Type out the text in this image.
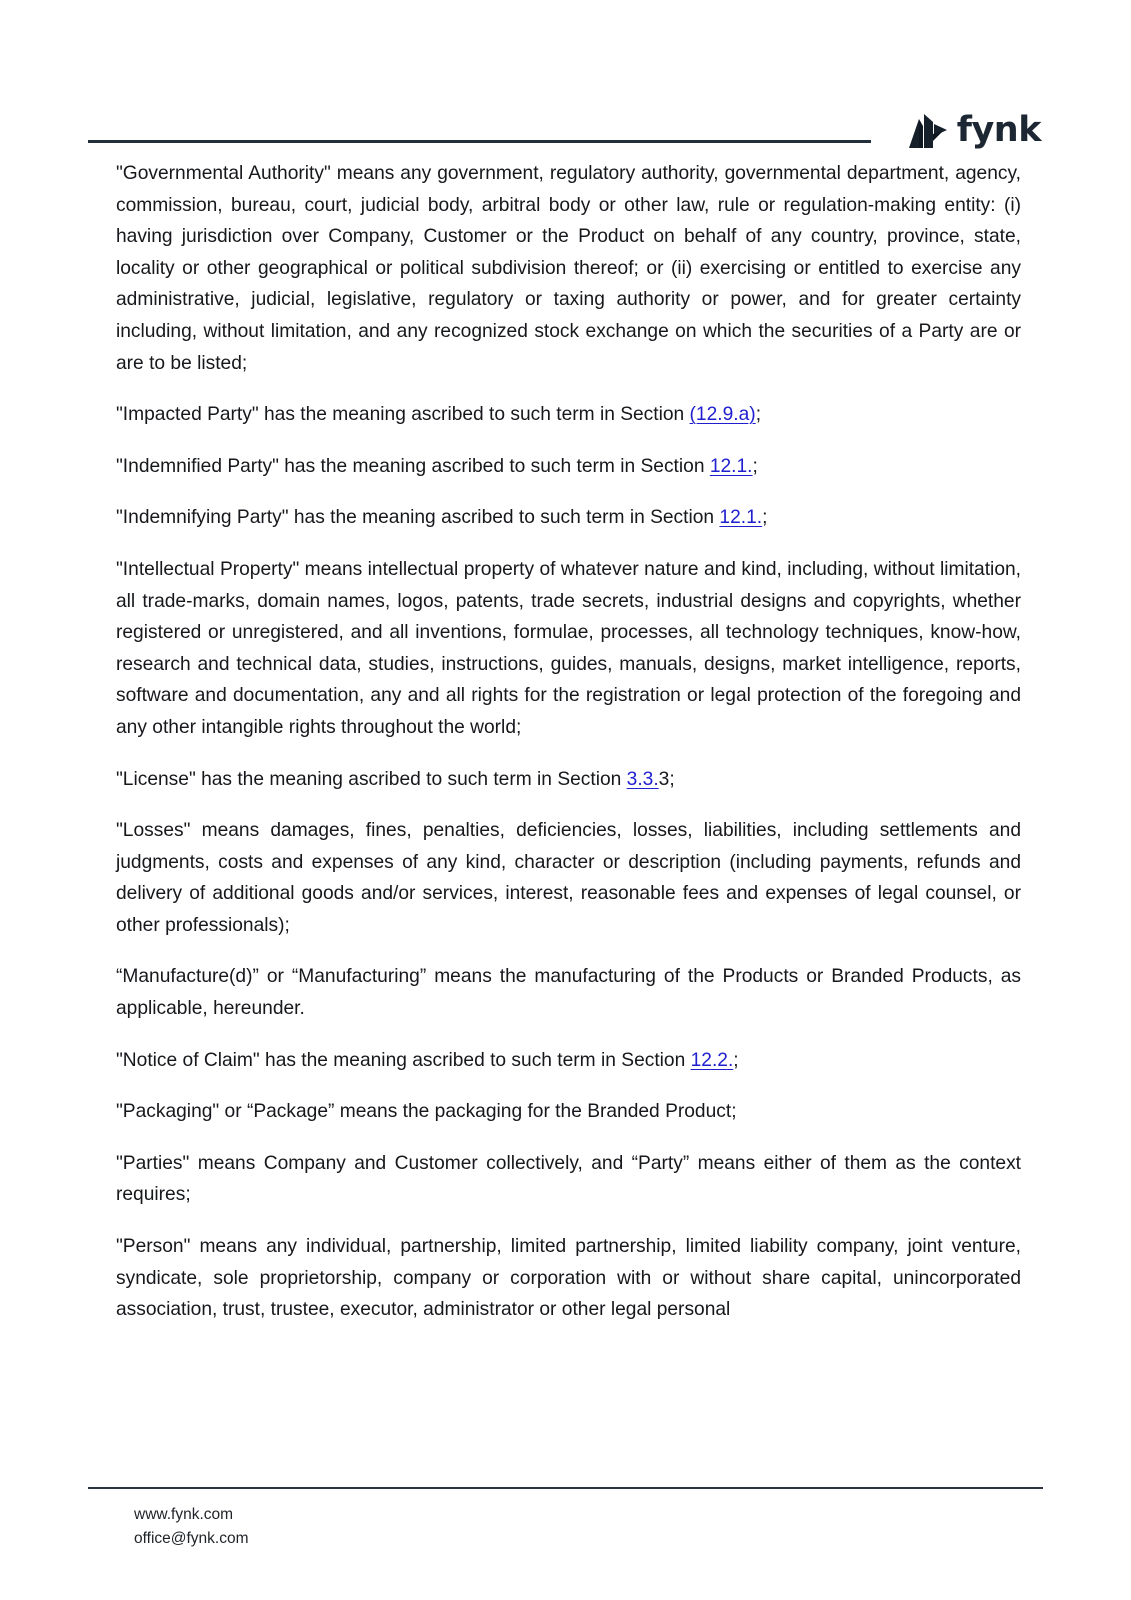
fynk

"Governmental Authority" means any government, regulatory authority, governmental department, agency, commission, bureau, court, judicial body, arbitral body or other law, rule or regulation-making entity: (i) having jurisdiction over Company, Customer or the Product on behalf of any country, province, state, locality or other geographical or political subdivision thereof; or (ii) exercising or entitled to exercise any administrative, judicial, legislative, regulatory or taxing authority or power, and for greater certainty including, without limitation, and any recognized stock exchange on which the securities of a Party are or are to be listed;

"Impacted Party" has the meaning ascribed to such term in Section (12.9.a);

"Indemnified Party" has the meaning ascribed to such term in Section 12.1.;

"Indemnifying Party" has the meaning ascribed to such term in Section 12.1.;

"Intellectual Property" means intellectual property of whatever nature and kind, including, without limitation, all trade-marks, domain names, logos, patents, trade secrets, industrial designs and copyrights, whether registered or unregistered, and all inventions, formulae, processes, all technology techniques, know-how, research and technical data, studies, instructions, guides, manuals, designs, market intelligence, reports, software and documentation, any and all rights for the registration or legal protection of the foregoing and any other intangible rights throughout the world;

"License" has the meaning ascribed to such term in Section 3.3.3;

"Losses" means damages, fines, penalties, deficiencies, losses, liabilities, including settlements and judgments, costs and expenses of any kind, character or description (including payments, refunds and delivery of additional goods and/or services, interest, reasonable fees and expenses of legal counsel, or other professionals);

“Manufacture(d)” or “Manufacturing” means the manufacturing of the Products or Branded Products, as applicable, hereunder.

"Notice of Claim" has the meaning ascribed to such term in Section 12.2.;

"Packaging" or “Package” means the packaging for the Branded Product;

"Parties" means Company and Customer collectively, and “Party” means either of them as the context requires;

"Person" means any individual, partnership, limited partnership, limited liability company, joint venture, syndicate, sole proprietorship, company or corporation with or without share capital, unincorporated association, trust, trustee, executor, administrator or other legal personal

www.fynk.com
office@fynk.com
